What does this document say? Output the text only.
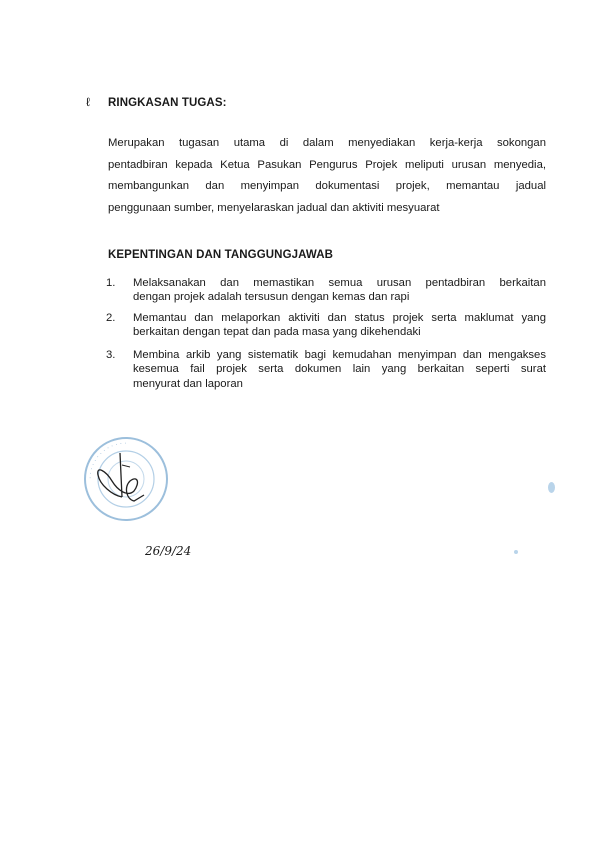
ℓ RINGKASAN TUGAS:
Merupakan tugasan utama di dalam menyediakan kerja-kerja sokongan
pentadbiran kepada Ketua Pasukan Pengurus Projek meliputi urusan menyedia,
membangunkan dan menyimpan dokumentasi projek, memantau jadual
penggunaan sumber, menyelaraskan jadual dan aktiviti mesyuarat
KEPENTINGAN DAN TANGGUNGJAWAB
1. Melaksanakan dan memastikan semua urusan pentadbiran berkaitan
dengan projek adalah tersusun dengan kemas dan rapi
2. Memantau dan melaporkan aktiviti dan status projek serta maklumat yang
berkaitan dengan tepat dan pada masa yang dikehendaki
3. Membina arkib yang sistematik bagi kemudahan menyimpan dan mengakses
kesemua fail projek serta dokumen lain yang berkaitan seperti surat
menyurat dan laporan
· · · · · · · · · · · · ·
26/9/24
